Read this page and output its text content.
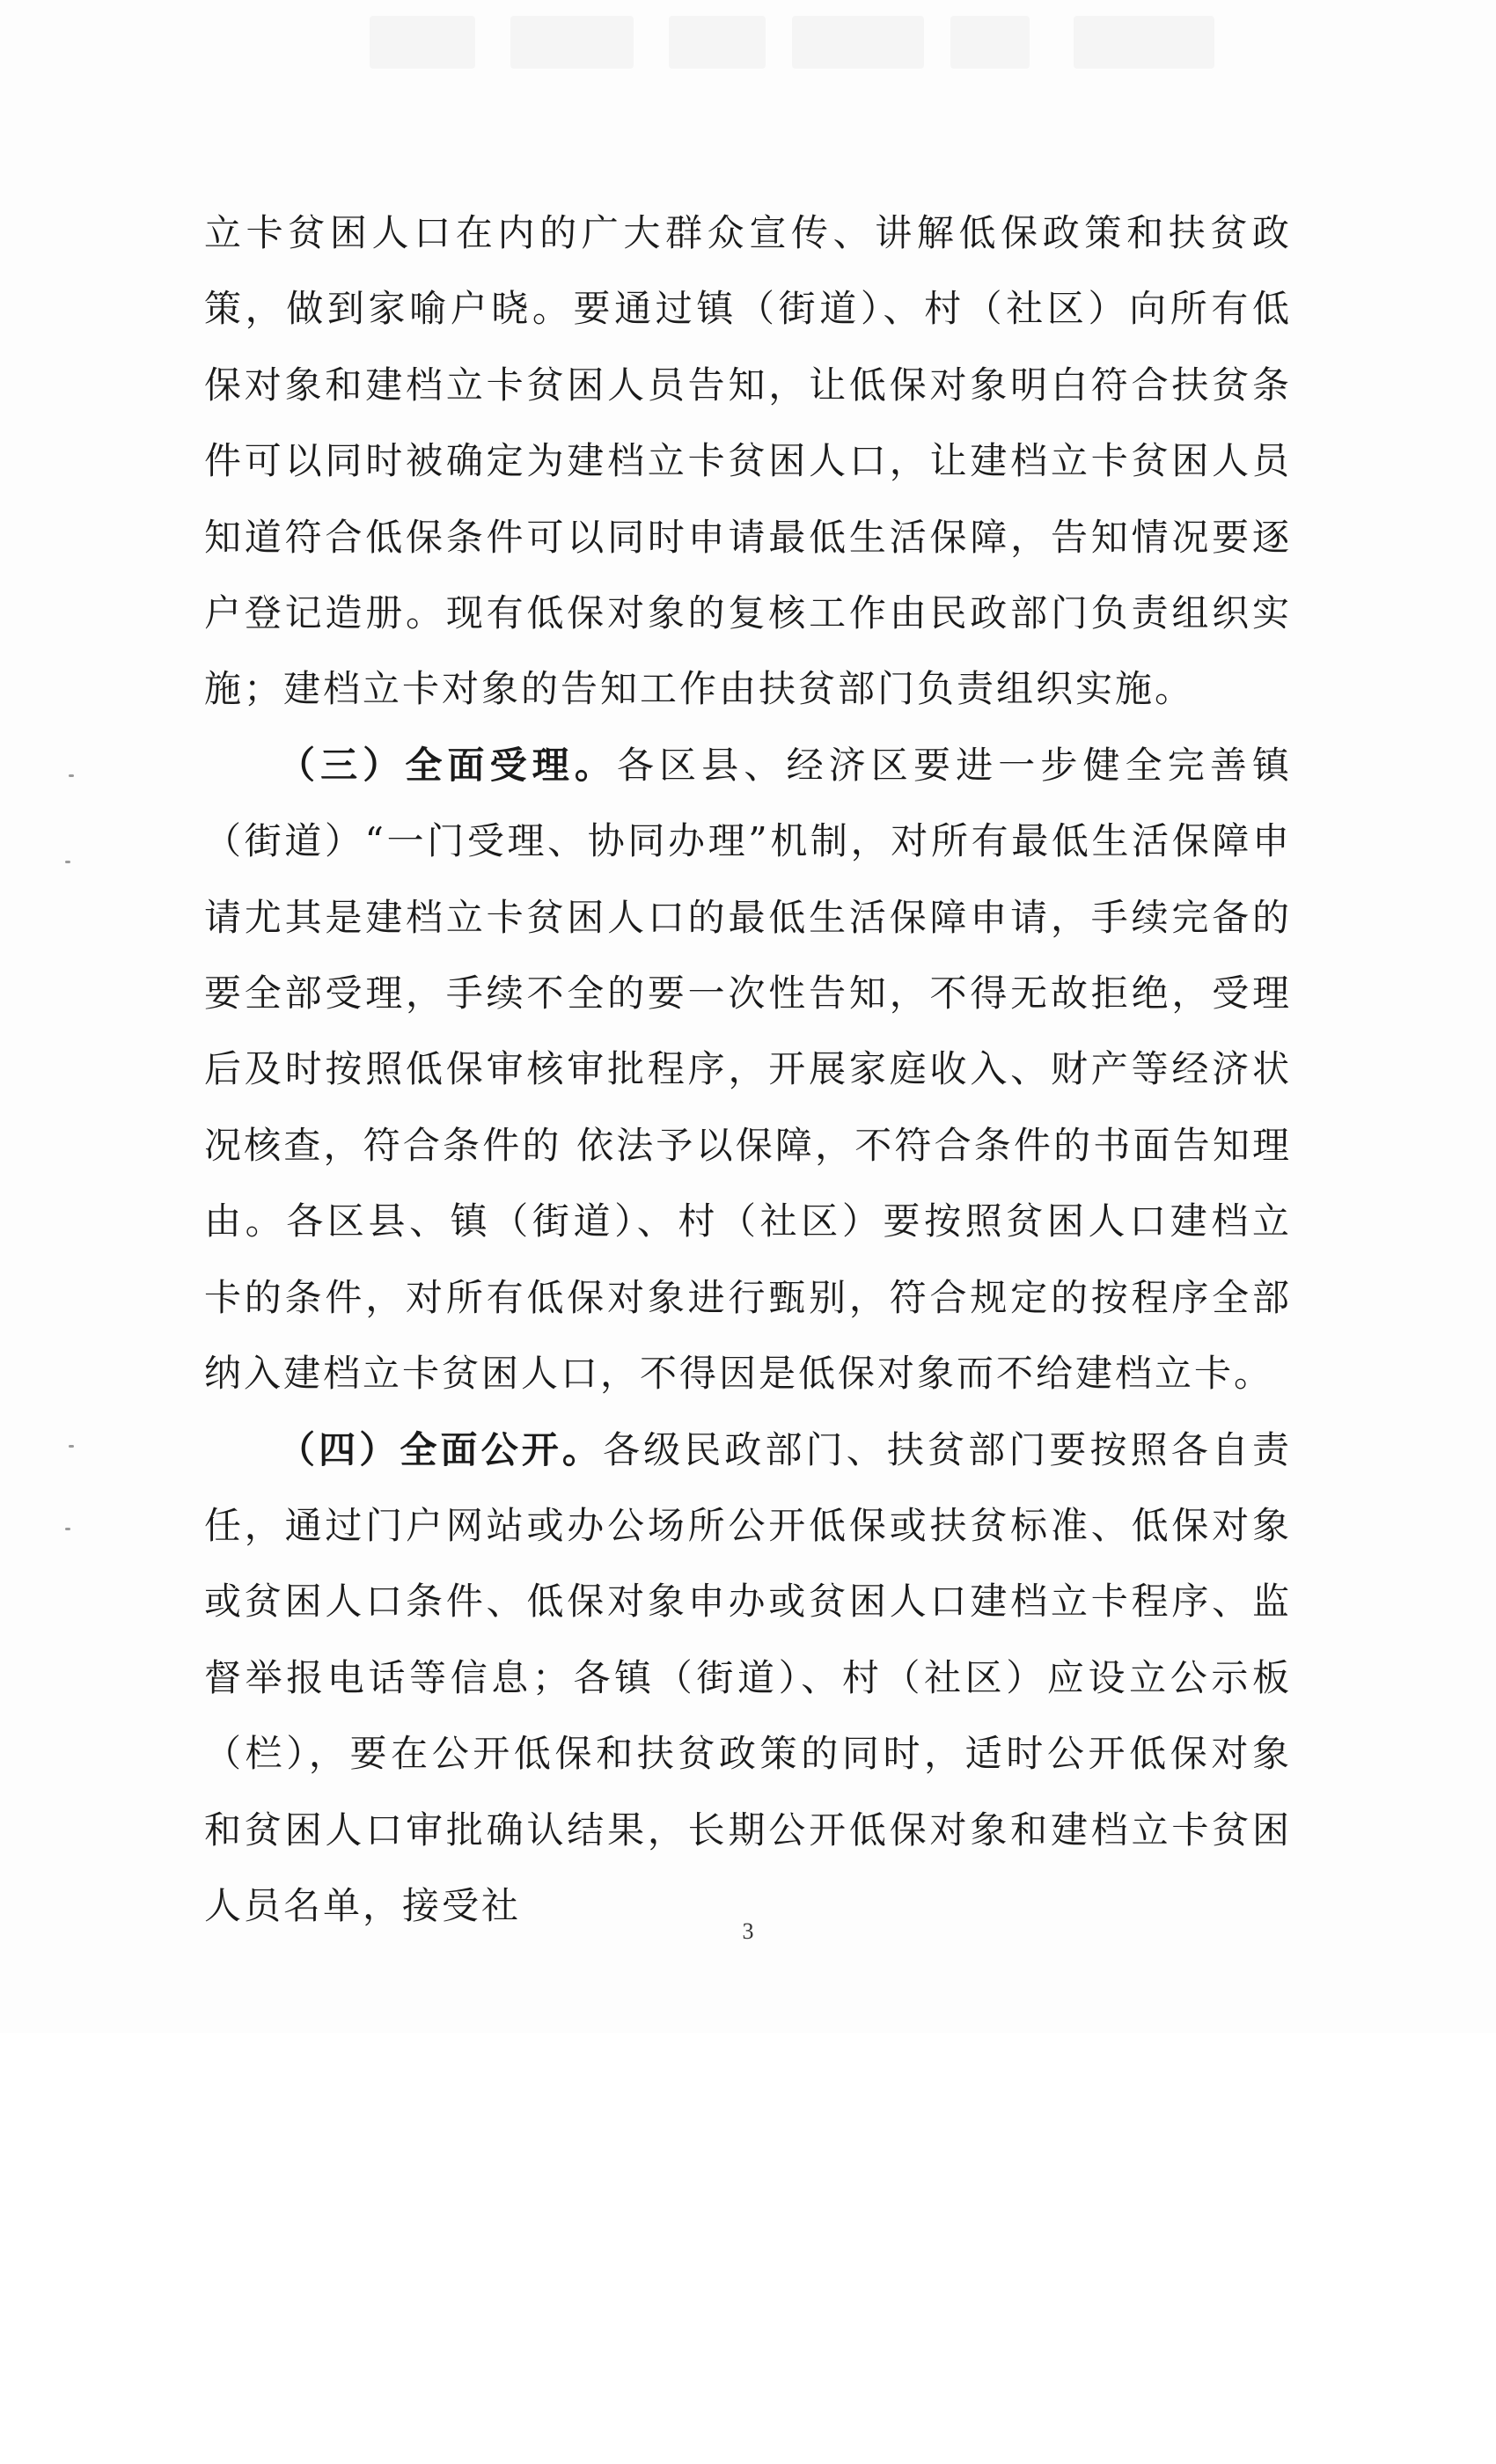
立卡贫困人口在内的广大群众宣传、讲解低保政策和扶贫政策，做到家喻户晓。要通过镇（街道）、村（社区）向所有低保对象和建档立卡贫困人员告知，让低保对象明白符合扶贫条件可以同时被确定为建档立卡贫困人口，让建档立卡贫困人员知道符合低保条件可以同时申请最低生活保障，告知情况要逐户登记造册。现有低保对象的复核工作由民政部门负责组织实施；建档立卡对象的告知工作由扶贫部门负责组织实施。

（三）全面受理。各区县、经济区要进一步健全完善镇（街道）“一门受理、协同办理”机制，对所有最低生活保障申请尤其是建档立卡贫困人口的最低生活保障申请，手续完备的要全部受理，手续不全的要一次性告知，不得无故拒绝，受理后及时按照低保审核审批程序，开展家庭收入、财产等经济状况核查，符合条件的 依法予以保障，不符合条件的书面告知理由。各区县、镇（街道）、村（社区）要按照贫困人口建档立卡的条件，对所有低保对象进行甄别，符合规定的按程序全部纳入建档立卡贫困人口，不得因是低保对象而不给建档立卡。

（四）全面公开。各级民政部门、扶贫部门要按照各自责任，通过门户网站或办公场所公开低保或扶贫标准、低保对象或贫困人口条件、低保对象申办或贫困人口建档立卡程序、监督举报电话等信息；各镇（街道）、村（社区）应设立公示板（栏），要在公开低保和扶贫政策的同时，适时公开低保对象和贫困人口审批确认结果，长期公开低保对象和建档立卡贫困人员名单，接受社

3
